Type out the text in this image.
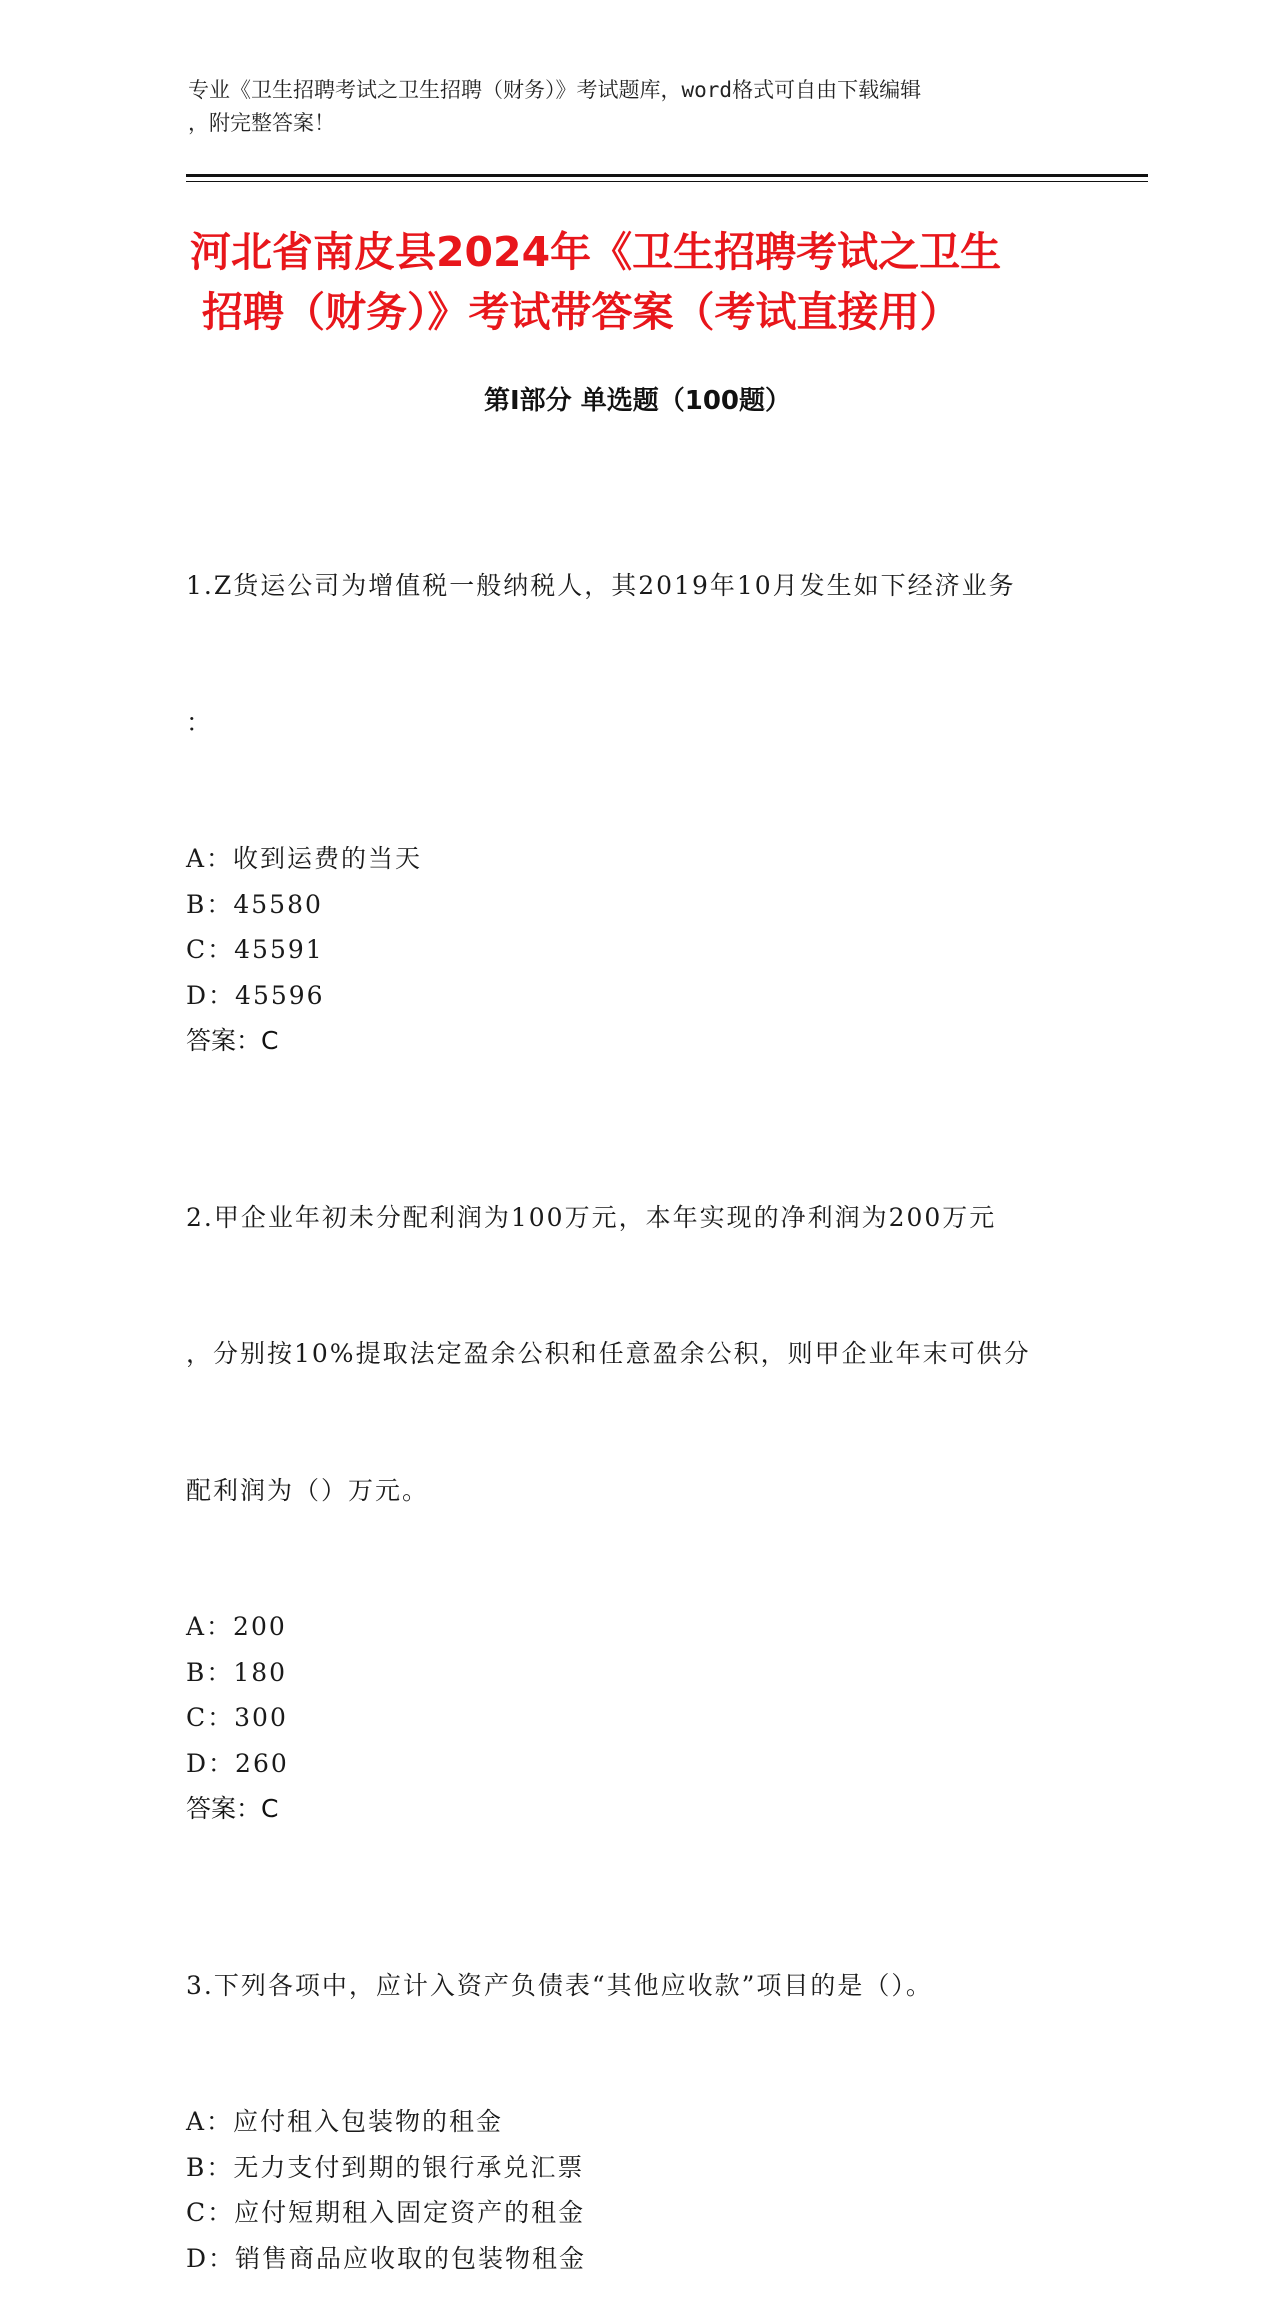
专业《卫生招聘考试之卫生招聘（财务）》考试题库，word格式可自由下载编辑
，附完整答案！
河北省南皮县2024年《卫生招聘考试之卫生
招聘（财务）》考试带答案（考试直接用）
第Ⅰ部分 单选题（100题）

1.Z货运公司为增值税一般纳税人，其2019年10月发生如下经济业务

：

A：收到运费的当天
B：45580
C：45591
D：45596
答案：C

2.甲企业年初未分配利润为100万元，本年实现的净利润为200万元

，分别按10%提取法定盈余公积和任意盈余公积，则甲企业年末可供分

配利润为（）万元。

A：200
B：180
C：300
D：260
答案：C

3.下列各项中，应计入资产负债表“其他应收款”项目的是（）。

A：应付租入包装物的租金
B：无力支付到期的银行承兑汇票
C：应付短期租入固定资产的租金
D：销售商品应收取的包装物租金
